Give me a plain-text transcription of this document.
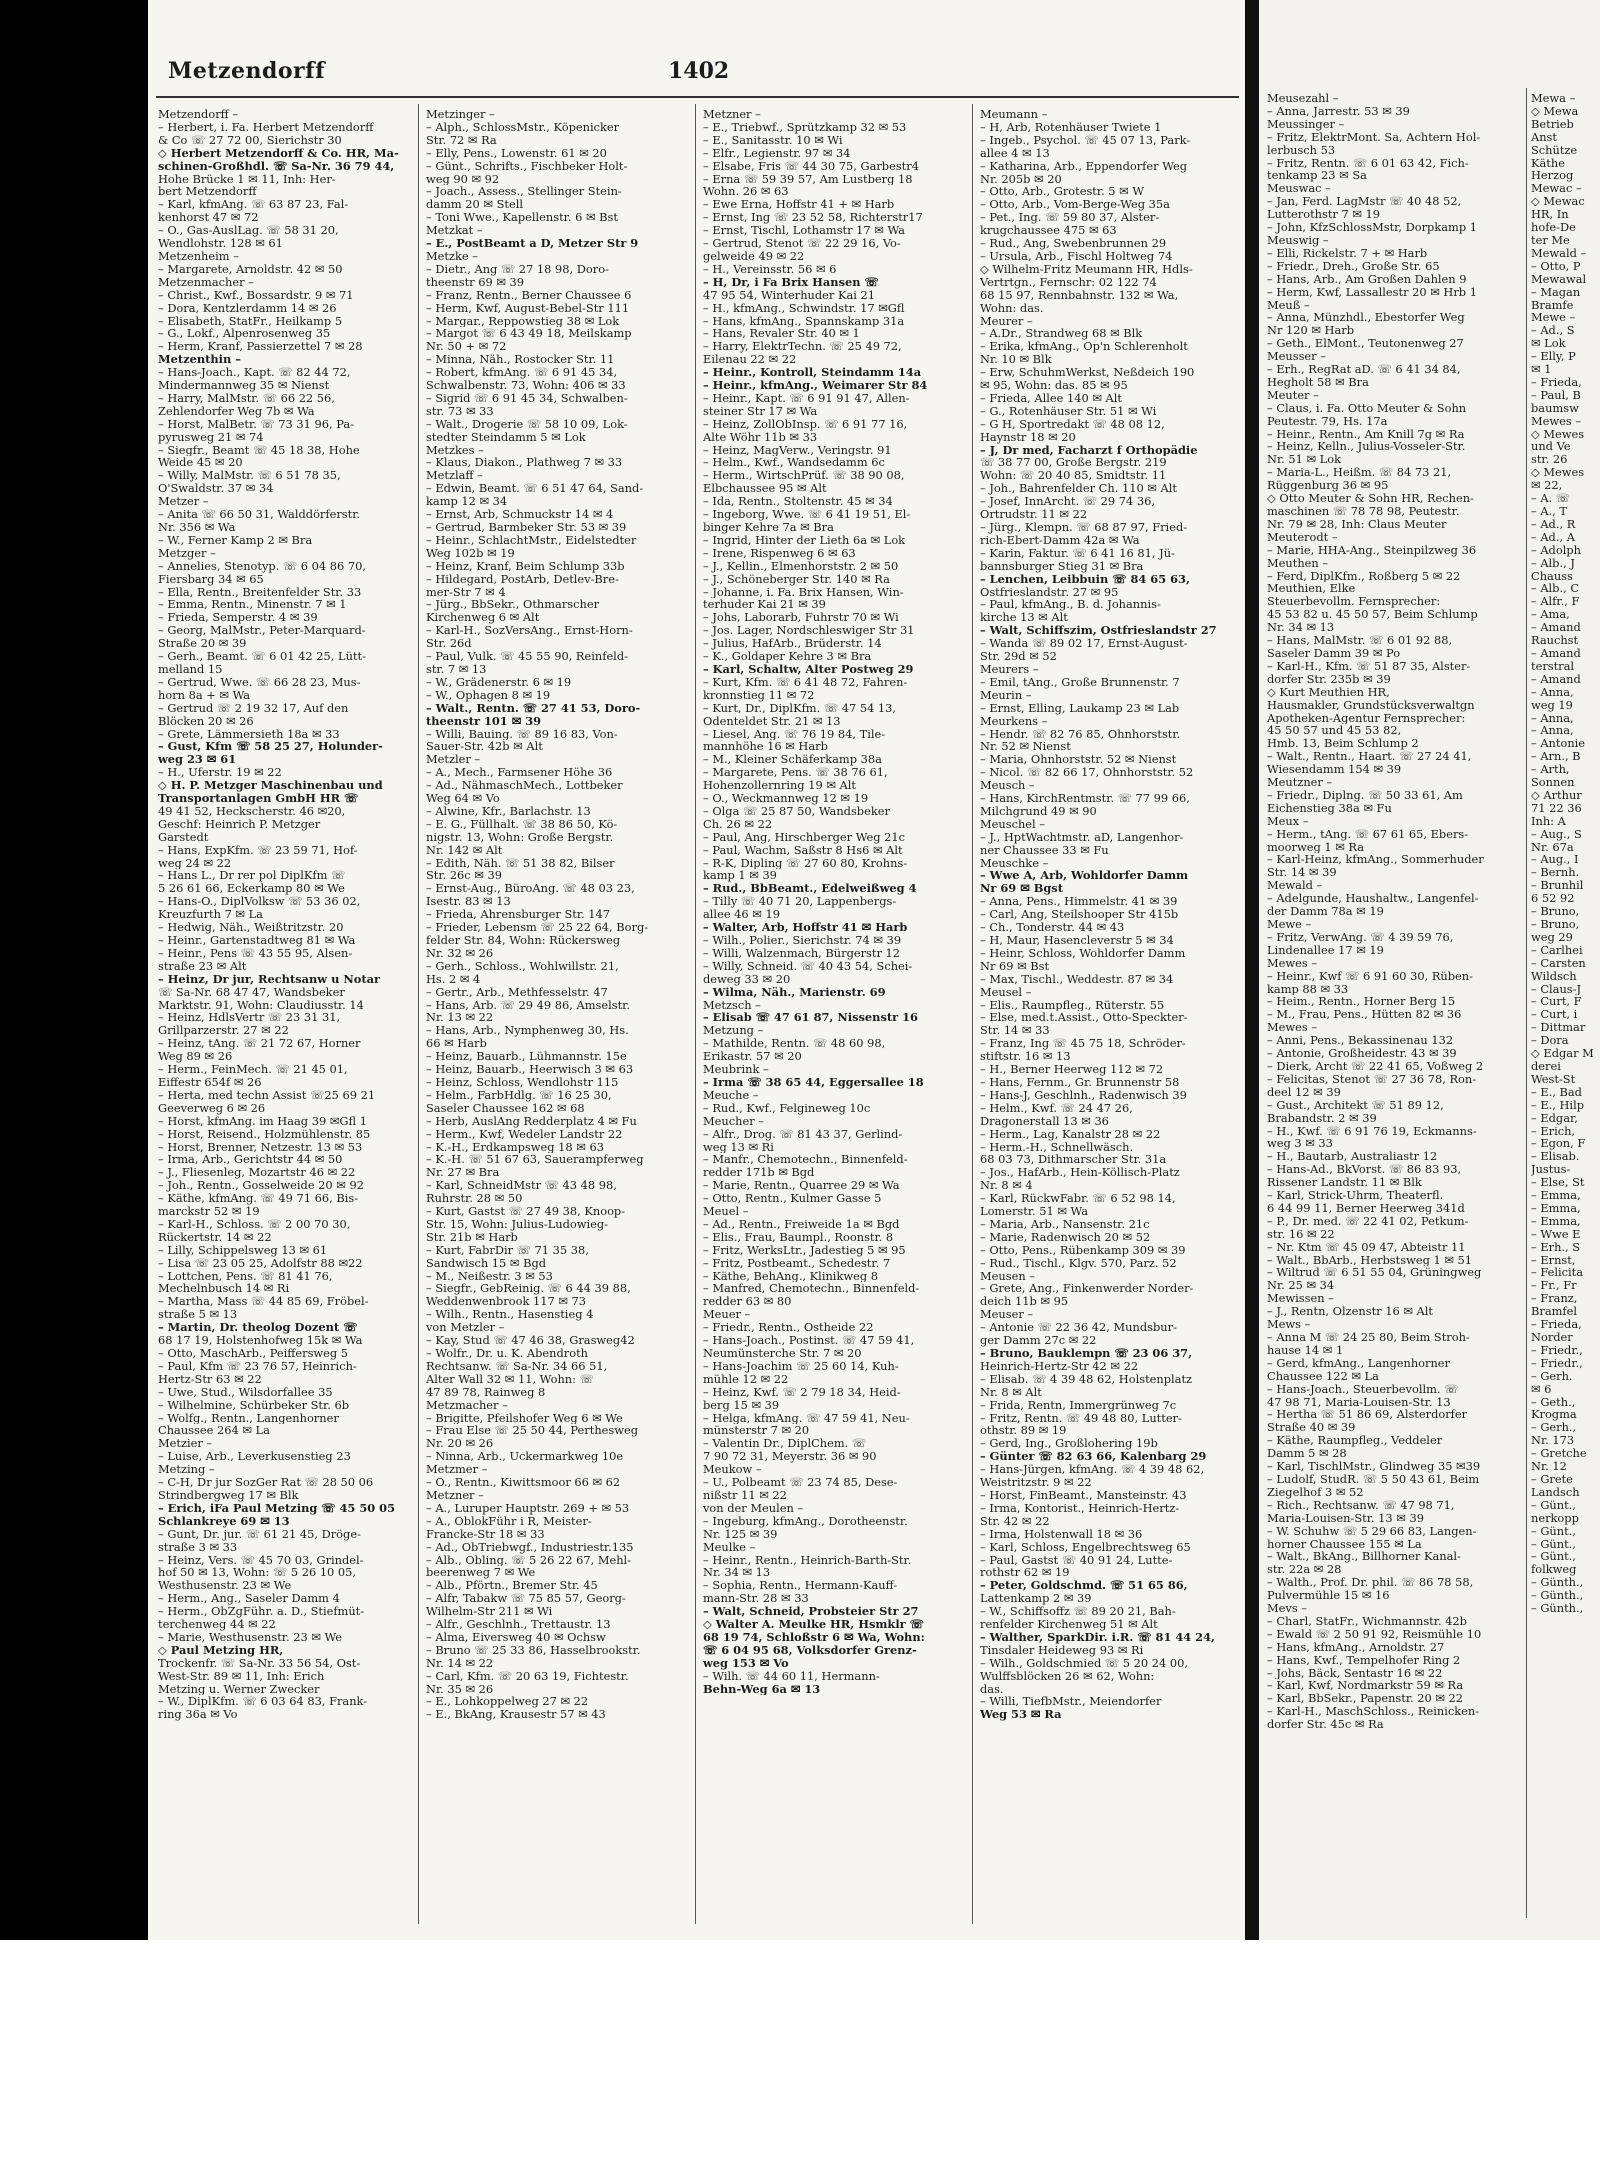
Metzendorff	1402
Metzendorff –
– Herbert, i. Fa. Herbert Metzendorff
& Co ☏ 27 72 00, Sierichstr 30
◇ Herbert Metzendorff & Co. HR, Ma-
schinen-Großhdl. ☏ Sa-Nr. 36 79 44,
Hohe Brücke 1 ✉ 11, Inh: Her-
bert Metzendorff
– Karl, kfmAng. ☏ 63 87 23, Fal-
kenhorst 47 ✉ 72
– O., Gas-AuslLag. ☏ 58 31 20,
Wendlohstr. 128 ✉ 61
Metzenheim –
– Margarete, Arnoldstr. 42 ✉ 50
Metzenmacher –
– Christ., Kwf., Bossardstr. 9 ✉ 71
– Dora, Kentzlerdamm 14 ✉ 26
– Elisabeth, StatFr., Heilkamp 5
– G., Lokf., Alpenrosenweg 35
– Herm, Kranf, Passierzettel 7 ✉ 28
Metzenthin –
– Hans-Joach., Kapt. ☏ 82 44 72,
Mindermannweg 35 ✉ Nienst
– Harry, MalMstr. ☏ 66 22 56,
Zehlendorfer Weg 7b ✉ Wa
– Horst, MalBetr. ☏ 73 31 96, Pa-
pyrusweg 21 ✉ 74
– Siegfr., Beamt ☏ 45 18 38, Hohe
Weide 45 ✉ 20
– Willy, MalMstr. ☏ 6 51 78 35,
O'Swaldstr. 37 ✉ 34
Metzer –
– Anita ☏ 66 50 31, Walddörferstr.
Nr. 356 ✉ Wa
– W., Ferner Kamp 2 ✉ Bra
Metzger –
– Annelies, Stenotyp. ☏ 6 04 86 70,
Fiersbarg 34 ✉ 65
– Ella, Rentn., Breitenfelder Str. 33
– Emma, Rentn., Minenstr. 7 ✉ 1
– Frieda, Semperstr. 4 ✉ 39
– Georg, MalMstr., Peter-Marquard-
Straße 20 ✉ 39
– Gerh., Beamt. ☏ 6 01 42 25, Lütt-
melland 15
– Gertrud, Wwe. ☏ 66 28 23, Mus-
horn 8a + ✉ Wa
– Gertrud ☏ 2 19 32 17, Auf den
Blöcken 20 ✉ 26
– Grete, Lämmersieth 18a ✉ 33
– Gust, Kfm ☏ 58 25 27, Holunder-
weg 23 ✉ 61
– H., Uferstr. 19 ✉ 22
◇ H. P. Metzger Maschinenbau und
Transportanlagen GmbH HR ☏
49 41 52, Heckscherstr. 46 ✉20,
Geschf: Heinrich P. Metzger
Garstedt
– Hans, ExpKfm. ☏ 23 59 71, Hof-
weg 24 ✉ 22
– Hans L., Dr rer pol DiplKfm ☏
5 26 61 66, Eckerkamp 80 ✉ We
– Hans-O., DiplVolksw ☏ 53 36 02,
Kreuzfurth 7 ✉ La
– Hedwig, Näh., Weißtritzstr. 20
– Heinr., Gartenstadtweg 81 ✉ Wa
– Heinr., Pens ☏ 43 55 95, Alsen-
straße 23 ✉ Alt
– Heinz, Dr jur, Rechtsanw u Notar
☏ Sa-Nr. 68 47 47, Wandsbeker
Marktstr. 91, Wohn: Claudiusstr. 14
– Heinz, HdlsVertr ☏ 23 31 31,
Grillparzerstr. 27 ✉ 22
– Heinz, tAng. ☏ 21 72 67, Horner
Weg 89 ✉ 26
– Herm., FeinMech. ☏ 21 45 01,
Eiffestr 654f ✉ 26
– Herta, med techn Assist ☏25 69 21
Geeverweg 6 ✉ 26
– Horst, kfmAng. im Haag 39 ✉Gfl 1
– Horst, Reisend., Holzmühlenstr. 85
– Horst, Brenner, Netzestr. 13 ✉ 53
– Irma, Arb., Gerichtstr 44 ✉ 50
– J., Fliesenleg, Mozartstr 46 ✉ 22
– Joh., Rentn., Gosselweide 20 ✉ 92
– Käthe, kfmAng. ☏ 49 71 66, Bis-
marckstr 52 ✉ 19
– Karl-H., Schloss. ☏ 2 00 70 30,
Rückertstr. 14 ✉ 22
– Lilly, Schippelsweg 13 ✉ 61
– Lisa ☏ 23 05 25, Adolfstr 88 ✉22
– Lottchen, Pens. ☏ 81 41 76,
Mechelnbusch 14 ✉ Ri
– Martha, Mass ☏ 44 85 69, Fröbel-
straße 5 ✉ 13
– Martin, Dr. theolog Dozent ☏
68 17 19, Holstenhofweg 15k ✉ Wa
– Otto, MaschArb., Peifferswe​g 5
– Paul, Kfm ☏ 23 76 57, Heinrich-
Hertz-Str 63 ✉ 22
– Uwe, Stud., Wilsdorfallee 35
– Wilhelmine, Schürbeker Str. 6b
– Wolfg., Rentn., Langenhorner
Chaussee 264 ✉ La
Metzier –
– Luise, Arb., Leverkusenstieg 23
Metzing –
– C-H, Dr jur SozGer Rat ☏ 28 50 06
Strindbergweg 17 ✉ Blk
– Erich, iFa Paul Metzing ☏ 45 50 05
Schlankreye 69 ✉ 13
– Gunt, Dr. jur. ☏ 61 21 45, Dröge-
straße 3 ✉ 33
– Heinz, Vers. ☏ 45 70 03, Grindel-
hof 50 ✉ 13, Wohn: ☏ 5 26 10 05,
Westhusenstr. 23 ✉ We
– Herm., Ang., Saseler Damm 4
– Herm., ObZgFühr. a. D., Stiefmüt-
terchenweg 44 ✉ 22
– Marie, Westhusenstr. 23 ✉ We
◇ Paul Metzing HR,
Trockenfr. ☏ Sa-Nr. 33 56 54, Ost-
West-Str. 89 ✉ 11, Inh: Erich
Metzing u. Werner Zwecker
– W., DiplKfm. ☏ 6 03 64 83, Frank-
ring 36a ✉ Vo
Metzinger –
– Alph., SchlossMstr., Köpenicker
Str. 72 ✉ Ra
– Elly, Pens., Lowenstr. 61 ✉ 20
– Günt., Schrifts., Fischbeker Holt-
weg 90 ✉ 92
– Joach., Assess., Stellinger Stein-
damm 20 ✉ Stell
– Toni Wwe., Kapellenstr. 6 ✉ Bst
Metzkat –
– E., PostBeamt a D, Metzer Str 9
Metzke –
– Dietr., Ang ☏ 27 18 98, Doro-
theenstr 69 ✉ 39
– Franz, Rentn., Berner Chaussee 6
– Herm, Kwf, August-Bebel-Str 111
– Margar., Reppowstieg 38 ✉ Lok
– Margot ☏ 6 43 49 18, Meilskamp
Nr. 50 + ✉ 72
– Minna, Näh., Rostocker Str. 11
– Robert, kfmAng. ☏ 6 91 45 34,
Schwalbenstr. 73, Wohn: 406 ✉ 33
– Sigrid ☏ 6 91 45 34, Schwalben-
str. 73 ✉ 33
– Walt., Drogerie ☏ 58 10 09, Lok-
stedter Steindamm 5 ✉ Lok
Metzkes –
– Klaus, Diakon., Plathweg 7 ✉ 33
Metzlaff –
– Edwin, Beamt. ☏ 6 51 47 64, Sand-
kamp 12 ✉ 34
– Ernst, Arb, Schmuckstr 14 ✉ 4
– Gertrud, Barmbeker Str. 53 ✉ 39
– Heinr., SchlachtMstr., Eidelstedter
Weg 102b ✉ 19
– Heinz, Kranf, Beim Schlump 33b
– Hildegard, PostArb, Detlev-Bre-
mer-Str 7 ✉ 4
– Jürg., BbSekr., Othmarscher
Kirchenweg 6 ✉ Alt
– Karl-H., SozVersAng., Ernst-Horn-
Str. 26d
– Paul, Vulk. ☏ 45 55 90, Reinfeld-
str. 7 ✉ 13
– W., Grädenerstr. 6 ✉ 19
– W., Ophagen 8 ✉ 19
– Walt., Rentn. ☏ 27 41 53, Doro-
theenstr 101 ✉ 39
– Willi, Bauing. ☏ 89 16 83, Von-
Sauer-Str. 42b ✉ Alt
Metzler –
– A., Mech., Farmsener Höhe 36
– Ad., NähmaschMech., Lottbeker
Weg 64 ✉ Vo
– Alwine, Kfr., Barlachstr. 13
– E. G., Füllhalt. ☏ 38 86 50, Kö-
nigstr. 13, Wohn: Große Bergstr.
Nr. 142 ✉ Alt
– Edith, Näh. ☏ 51 38 82, Bilser
Str. 26c ✉ 39
– Ernst-Aug., BüroAng. ☏ 48 03 23,
Isestr. 83 ✉ 13
– Frieda, Ahrensburger Str. 147
– Frieder, Lebensm ☏ 25 22 64, Borg-
felder Str. 84, Wohn: Rückersweg
Nr. 32 ✉ 26
– Gerh., Schloss., Wohlwillstr. 21,
Hs. 2 ✉ 4
– Gertr., Arb., Methfesselstr. 47
– Hans, Arb. ☏ 29 49 86, Amselstr.
Nr. 13 ✉ 22
– Hans, Arb., Nymphenweg 30, Hs.
66 ✉ Harb
– Heinz, Bauarb., Lühmannstr. 15e
– Heinz, Bauarb., Heerwisch 3 ✉ 63
– Heinz, Schloss, Wendlohstr 115
– Helm., FarbHdlg. ☏ 16 25 30,
Saseler Chaussee 162 ✉ 68
– Herb, AuslAng Redderplatz 4 ✉ Fu
– Herm., Kwf, Wedeler Landstr 22
– K.-H., Erdkampsweg 18 ✉ 63
– K.-H. ☏ 51 67 63, Sauerampferweg
Nr. 27 ✉ Bra
– Karl, SchneidMstr ☏ 43 48 98,
Ruhrstr. 28 ✉ 50
– Kurt, Gastst ☏ 27 49 38, Knoop-
Str. 15, Wohn: Julius-Ludowieg-
Str. 21b ✉ Harb
– Kurt, FabrDir ☏ 71 35 38,
Sandwisch 15 ✉ Bgd
– M., Neißestr. 3 ✉ 53
– Siegfr., GebReinig. ☏ 6 44 39 88,
Weddenwenbrook 117 ✉ 73
– Wilh., Rentn., Hasenstieg 4
von Metzler –
– Kay, Stud ☏ 47 46 38, Grasweg42
– Wolfr., Dr. u. K. Abendroth
Rechtsanw. ☏ Sa-Nr. 34 66 51,
Alter Wall 32 ✉ 11, Wohn: ☏
47 89 78, Rainweg 8
Metzmacher –
– Brigitte, Pfeilshofer Weg 6 ✉ We
– Frau Else ☏ 25 50 44, Perthesweg
Nr. 20 ✉ 26
– Ninna, Arb., Uckermarkweg 10e
Metzmer –
– O., Rentn., Kiwittsmoor 66 ✉ 62
Metzner –
– A., Luruper Hauptstr. 269 + ✉ 53
– A., OblokFühr i R, Meister-
Francke-Str 18 ✉ 33
– Ad., ObTriebwgf., Industriestr.135
– Alb., Obling. ☏ 5 26 22 67, Mehl-
beerenweg 7 ✉ We
– Alb., Pförtn., Bremer Str. 45
– Alfr, Tabakw ☏ 75 85 57, Georg-
Wilhelm-Str 211 ✉ Wi
– Alfr., Geschlnh., Trettaustr. 13
– Alma, Eiversweg 40 ✉ Ochsw
– Bruno ☏ 25 33 86, Hasselbrookstr.
Nr. 14 ✉ 22
– Carl, Kfm. ☏ 20 63 19, Fichtestr.
Nr. 35 ✉ 26
– E., Lohkoppelweg 27 ✉ 22
– E., BkAng, Krausestr 57 ✉ 43
Metzner –
– E., Triebwf., Sprützkamp 32 ✉ 53
– E., Sanitasstr. 10 ✉ Wi
– Elfr., Legienstr. 97 ✉ 34
– Elsabe, Fris ☏ 44 30 75, Garbestr4
– Erna ☏ 59 39 57, Am Lustberg 18
Wohn. 26 ✉ 63
– Ewe Erna, Hoffstr 41 + ✉ Harb
– Ernst, Ing ☏ 23 52 58, Richterstr17
– Ernst, Tischl, Lothamstr 17 ✉ Wa
– Gertrud, Stenot ☏ 22 29 16, Vo-
gelweide 49 ✉ 22
– H., Vereinsstr. 56 ✉ 6
– H, Dr, i Fa Brix Hansen ☏
47 95 54, Winterhuder Kai 21
– H., kfmAng., Schwindstr. 17 ✉Gfl
– Hans, kfmAng., Spannskamp 31a
– Hans, Revaler Str. 40 ✉ 1
– Harry, ElektrTechn. ☏ 25 49 72,
Eilenau 22 ✉ 22
– Heinr., Kontroll, Steindamm 14a
– Heinr., kfmAng., Weimarer Str 84
– Heinr., Kapt. ☏ 6 91 91 47, Allen-
steiner Str 17 ✉ Wa
– Heinz, ZollObInsp. ☏ 6 91 77 16,
Alte Wöhr 11b ✉ 33
– Heinz, MagVerw., Veringstr. 91
– Helm., Kwf., Wandsedamm 6c
– Herm., WirtschPrüf. ☏ 38 90 08,
Elbchaussee 95 ✉ Alt
– Ida, Rentn., Stoltenstr. 45 ✉ 34
– Ingeborg, Wwe. ☏ 6 41 19 51, El-
binger Kehre 7a ✉ Bra
– Ingrid, Hinter der Lieth 6a ✉ Lok
– Irene, Rispenweg 6 ✉ 63
– J., Kellin., Elmenhorststr. 2 ✉ 50
– J., Schöneberger Str. 140 ✉ Ra
– Johanne, i. Fa. Brix Hansen, Win-
terhuder Kai 21 ✉ 39
– Johs, Laborarb, Fuhrstr 70 ✉ Wi
– Jos. Lager, Nordschleswiger Str 31
– Julius, HafArb., Brüderstr. 14
– K., Goldaper Kehre 3 ✉ Bra
– Karl, Schaltw, Alter Postweg 29
– Kurt, Kfm. ☏ 6 41 48 72, Fahren-
kronnstieg 11 ✉ 72
– Kurt, Dr., DiplKfm. ☏ 47 54 13,
Odenteldet Str. 21 ✉ 13
– Liesel, Ang. ☏ 76 19 84, Tile-
mannhöhe 16 ✉ Harb
– M., Kleiner Schäferkamp 38a
– Margarete, Pens. ☏ 38 76 61,
Hohenzollernring 19 ✉ Alt
– O., Weckmannweg 12 ✉ 19
– Olga ☏ 25 87 50, Wandsbeker
Ch. 26 ✉ 22
– Paul, Ang, Hirschberger Weg 21c
– Paul, Wachm, Saßstr 8 Hs6 ✉ Alt
– R-K, Dipling ☏ 27 60 80, Krohns-
kamp 1 ✉ 39
– Rud., BbBeamt., Edelweißweg 4
– Tilly ☏ 40 71 20, Lappenbergs-
allee 46 ✉ 19
– Walter, Arb, Hoffstr 41 ✉ Harb
– Wilh., Polier., Sierichstr. 74 ✉ 39
– Willi, Walzenmach, Bürgerstr 12
– Willy, Schneid. ☏ 40 43 54, Schei-
deweg 33 ✉ 20
– Wilma, Näh., Marienstr. 69
Metzsch –
– Elisab ☏ 47 61 87, Nissenstr 16
Metzung –
– Mathilde, Rentn. ☏ 48 60 98,
Erikastr. 57 ✉ 20
Meubrink –
– Irma ☏ 38 65 44, Eggersallee 18
Meuche –
– Rud., Kwf., Felgineweg 10c
Meucher –
– Alfr., Drog. ☏ 81 43 37, Gerlind-
weg 13 ✉ Ri
– Manfr., Chemotechn., Binnenfeld-
redder 171b ✉ Bgd
– Marie, Rentn., Quarree 29 ✉ Wa
– Otto, Rentn., Kulmer Gasse 5
Meuel –
– Ad., Rentn., Freiweide 1a ✉ Bgd
– Elis., Frau, Baumpl., Roonstr. 8
– Fritz, WerksLtr., Jadestieg 5 ✉ 95
– Fritz, Postbeamt., Schedestr. 7
– Käthe, BehAng., Klinikweg 8
– Manfred, Chemotechn., Binnenfeld-
redder 63 ✉ 80
Meuer –
– Friedr., Rentn., Ostheide 22
– Hans-Joach., Postinst. ☏ 47 59 41,
Neumünsterche Str. 7 ✉ 20
– Hans-Joachim ☏ 25 60 14, Kuh-
mühle 12 ✉ 22
– Heinz, Kwf. ☏ 2 79 18 34, Heid-
berg 15 ✉ 39
– Helga, kfmAng. ☏ 47 59 41, Neu-
münsterstr 7 ✉ 20
– Valentin Dr., DiplChem. ☏
7 90 72 31, Meyerstr. 36 ✉ 90
Meukow –
– U., Polbeamt ☏ 23 74 85, Dese-
nißstr 11 ✉ 22
von der Meulen –
– Ingeburg, kfmAng., Dorotheenstr.
Nr. 125 ✉ 39
Meulke –
– Heinr., Rentn., Heinrich-Barth-Str.
Nr. 34 ✉ 13
– Sophia, Rentn., Hermann-Kauff-
mann-Str. 28 ✉ 33
– Walt, Schneid, Probsteier Str 27
◇ Walter A. Meulke HR, Hsmklr ☏
68 19 74, Schloßstr 6 ✉ Wa, Wohn:
☏ 6 04 95 68, Volksdorfer Grenz-
weg 153 ✉ Vo
– Wilh. ☏ 44 60 11, Hermann-
Behn-Weg 6a ✉ 13
Meumann –
– H, Arb, Rotenhäuser Twiete 1
– Ingeb., Psychol. ☏ 45 07 13, Park-
allee 4 ✉ 13
– Katharina, Arb., Eppendorfer Weg
Nr. 205b ✉ 20
– Otto, Arb., Grotestr. 5 ✉ W
– Otto, Arb., Vom-Berge-Weg 35a
– Pet., Ing. ☏ 59 80 37, Alster-
krugchaussee 475 ✉ 63
– Rud., Ang, Swebenbrunnen 29
– Ursula, Arb., Fischl Holtweg 74
◇ Wilhelm-Fritz Meumann HR, Hdls-
Vertrtgn., Fernschr: 02 122 74
68 15 97, Rennbahnstr. 132 ✉ Wa,
Wohn: das.
Meurer –
– A.Dr., Strandweg 68 ✉ Blk
– Erika, kfmAng., Op'n Schlerenholt
Nr. 10 ✉ Blk
– Erw, SchuhmWerkst, Neßdeich 190
✉ 95, Wohn: das. 85 ✉ 95
– Frieda, Allee 140 ✉ Alt
– G., Rotenhäuser Str. 51 ✉ Wi
– G H, Sportredakt ☏ 48 08 12,
Haynstr 18 ✉ 20
– J, Dr med, Facharzt f Orthopädie
☏ 38 77 00, Große Bergstr. 219
Wohn: ☏ 20 40 85, Smidtstr. 11
– Joh., Bahrenfelder Ch. 110 ✉ Alt
– Josef, InnArcht. ☏ 29 74 36,
Ortrudstr. 11 ✉ 22
– Jürg., Klempn. ☏ 68 87 97, Fried-
rich-Ebert-Damm 42a ✉ Wa
– Karin, Faktur. ☏ 6 41 16 81, Jü-
bannsburger Stieg 31 ✉ Bra
– Lenchen, Leibbuin ☏ 84 65 63,
Ostfrieslandstr. 27 ✉ 95
– Paul, kfmAng., B. d. Johannis-
kirche 13 ✉ Alt
– Walt, Schiffszim, Ostfrieslandstr 27
– Wanda ☏ 89 02 17, Ernst-August-
Str. 29d ✉ 52
Meurers –
– Emil, tAng., Große Brunnenstr. 7
Meurin –
– Ernst, Elling, Laukamp 23 ✉ Lab
Meurkens –
– Hendr. ☏ 82 76 85, Ohnhorststr.
Nr. 52 ✉ Nienst
– Maria, Ohnhorststr. 52 ✉ Nienst
– Nicol. ☏ 82 66 17, Ohnhorststr. 52
Meusch –
– Hans, KirchRentmstr. ☏ 77 99 66,
Milchgrund 49 ✉ 90
Meuschel –
– J., HptWachtmstr. aD, Langenhor-
ner Chaussee 33 ✉ Fu
Meuschke –
– Wwe A, Arb, Wohldorfer Damm
Nr 69 ✉ Bgst
– Anna, Pens., Himmelstr. 41 ✉ 39
– Carl, Ang, Steilshooper Str 415b
– Ch., Tonderstr. 44 ✉ 43
– H, Maur, Hasencleverstr 5 ✉ 34
– Heinr, Schloss, Wohldorfer Damm
Nr 69 ✉ Bst
– Max, Tischl., Weddestr. 87 ✉ 34
Meusel –
– Elis., Raumpfleg., Rüterstr. 55
– Else, med.t.Assist., Otto-Speckter-
Str. 14 ✉ 33
– Franz, Ing ☏ 45 75 18, Schröder-
stiftstr. 16 ✉ 13
– H., Berner Heerweg 112 ✉ 72
– Hans, Fernm., Gr. Brunnenstr 58
– Hans-J, Geschlnh., Radenwisch 39
– Helm., Kwf. ☏ 24 47 26,
Dragonerstall 13 ✉ 36
– Herm., Lag, Kanalstr 28 ✉ 22
– Herm.-H., Schnellwäsch.
68 03 73, Dithmarscher Str. 31a
– Jos., HafArb., Hein-Köllisch-Platz
Nr. 8 ✉ 4
– Karl, RückwFabr. ☏ 6 52 98 14,
Lomerstr. 51 ✉ Wa
– Maria, Arb., Nansenstr. 21c
– Marie, Radenwisch 20 ✉ 52
– Otto, Pens., Rübenkamp 309 ✉ 39
– Rud., Tischl., Klgv. 570, Parz. 52
Meusen –
– Grete, Ang., Finkenwerder Norder-
deich 11b ✉ 95
Meuser –
– Antonie ☏ 22 36 42, Mundsbur-
ger Damm 27c ✉ 22
– Bruno, Bauklempn ☏ 23 06 37,
Heinrich-Hertz-Str 42 ✉ 22
– Elisab. ☏ 4 39 48 62, Holstenplatz
Nr. 8 ✉ Alt
– Frida, Rentn, Immergrünweg 7c
– Fritz, Rentn. ☏ 49 48 80, Lutter-
othstr. 89 ✉ 19
– Gerd, Ing., Großlohering 19b
– Günter ☏ 82 63 66, Kalenbarg 29
– Hans-Jürgen, kfmAng. ☏ 4 39 48 62,
Weistritzstr. 9 ✉ 22
– Horst, FinBeamt., Mansteinstr. 43
– Irma, Kontorist., Heinrich-Hertz-
Str. 42 ✉ 22
– Irma, Holstenwall 18 ✉ 36
– Karl, Schloss, Engelbrechtsweg 65
– Paul, Gastst ☏ 40 91 24, Lutte-
rothstr 62 ✉ 19
– Peter, Goldschmd. ☏ 51 65 86,
Lattenkamp 2 ✉ 39
– W., Schiffsoffz ☏ 89 20 21, Bah-
renfelder Kirchenweg 51 ✉ Alt
– Walther, SparkDir. i.R. ☏ 81 44 24,
Tinsdaler Heideweg 93 ✉ Ri
– Wilh., Goldschmied ☏ 5 20 24 00,
Wulffsblöcken 26 ✉ 62, Wohn:
das.
– Willi, TiefbMstr., Meiendorfer
Weg 53 ✉ Ra
Meusezahl –
– Anna, Jarrestr. 53 ✉ 39
Meussinger –
– Fritz, ElektrMont. Sa, Achtern Hol-
lerbusch 53
– Fritz, Rentn. ☏ 6 01 63 42, Fich-
tenkamp 23 ✉ Sa
Meuswac –
– Jan, Ferd. LagMstr ☏ 40 48 52,
Lutterothstr 7 ✉ 19
– John, KfzSchlossMstr, Dorpkamp 1
Meuswig –
– Elli, Rickelstr. 7 + ✉ Harb
– Friedr., Dreh., Große Str. 65
– Hans, Arb., Am Großen Dahlen 9
– Herm, Kwf, Lassallestr 20 ✉ Hrb 1
Meuß –
– Anna, Münzhdl., Ebestorfer Weg
Nr 120 ✉ Harb
– Geth., ElMont., Teutonenweg 27
Meusser –
– Erh., RegRat aD. ☏ 6 41 34 84,
Hegholt 58 ✉ Bra
Meuter –
– Claus, i. Fa. Otto Meuter & Sohn
Peutestr. 79, Hs. 17a
– Heinr., Rentn., Am Knill 7g ✉ Ra
– Heinz, Kelln., Julius-Vosseler-Str.
Nr. 51 ✉ Lok
– Maria-L., Heißm. ☏ 84 73 21,
Rüggenburg 36 ✉ 95
◇ Otto Meuter & Sohn HR, Rechen-
maschinen ☏ 78 78 98, Peutestr.
Nr. 79 ✉ 28, Inh: Claus Meuter
Meuterodt –
– Marie, HHA-Ang., Steinpilzweg 36
Meuthen –
– Ferd, DiplKfm., Roßberg 5 ✉ 22
Meuthien, Elke
Steuerbevollm. Fernsprecher:
45 53 82 u. 45 50 57, Beim Schlump
Nr. 34 ✉ 13
– Hans, MalMstr. ☏ 6 01 92 88,
Saseler Damm 39 ✉ Po
– Karl-H., Kfm. ☏ 51 87 35, Alster-
dorfer Str. 235b ✉ 39
◇ Kurt Meuthien HR,
Hausmakler, Grundstücksverwaltgn
Apotheken-Agentur Fernsprecher:
45 50 57 und 45 53 82,
Hmb. 13, Beim Schlump 2
– Walt., Rentn., Haart. ☏ 27 24 41,
Wiesendamm 154 ✉ 39
Meutzner –
– Friedr., Diplng. ☏ 50 33 61, Am
Eichenstieg 38a ✉ Fu
Meux –
– Herm., tAng. ☏ 67 61 65, Ebers-
moorweg 1 ✉ Ra
– Karl-Heinz, kfmAng., Sommerhuder
Str. 14 ✉ 39
Mewald –
– Adelgunde, Haushaltw., Langenfel-
der Damm 78a ✉ 19
Mewe –
– Fritz, VerwAng. ☏ 4 39 59 76,
Lindenallee 17 ✉ 19
Mewes –
– Heinr., Kwf ☏ 6 91 60 30, Rüben-
kamp 88 ✉ 33
– Heim., Rentn., Horner Berg 15
– M., Frau, Pens., Hütten 82 ✉ 36
Mewes –
– Anni, Pens., Bekassinenau 132
– Antonie, Großheidestr. 43 ✉ 39
– Dierk, Archt ☏ 22 41 65, Voßweg 2
– Felicitas, Stenot ☏ 27 36 78, Ron-
deel 12 ✉ 39
– Gust., Architekt ☏ 51 89 12,
Brabandstr. 2 ✉ 39
– H., Kwf. ☏ 6 91 76 19, Eckmanns-
weg 3 ✉ 33
– H., Bautarb, Australiastr 12
– Hans-Ad., BkVorst. ☏ 86 83 93,
Rissener Landstr. 11 ✉ Blk
– Karl, Strick-Uhrm, Theaterfl.
6 44 99 11, Berner Heerweg 341d
– P., Dr. med. ☏ 22 41 02, Petkum-
str. 16 ✉ 22
– Nr. Ktm ☏ 45 09 47, Abteistr 11
– Walt., BbArb., Herbstsweg 1 ✉ 51
– Wiltrud ☏ 6 51 55 04, Grüningweg
Nr. 25 ✉ 34
Mewissen –
– J., Rentn, Olzenstr 16 ✉ Alt
Mews –
– Anna M ☏ 24 25 80, Beim Stroh-
hause 14 ✉ 1
– Gerd, kfmAng., Langenhorner
Chaussee 122 ✉ La
– Hans-Joach., Steuerbevollm. ☏
47 98 71, Maria-Louisen-Str. 13
– Hertha ☏ 51 86 69, Alsterdorfer
Straße 40 ✉ 39
– Käthe, Raumpfleg., Veddeler
Damm 5 ✉ 28
– Karl, TischlMstr., Glindweg 35 ✉39
– Ludolf, StudR. ☏ 5 50 43 61, Beim
Ziegelhof 3 ✉ 52
– Rich., Rechtsanw. ☏ 47 98 71,
Maria-Louisen-Str. 13 ✉ 39
– W. Schuhw ☏ 5 29 66 83, Langen-
horner Chaussee 155 ✉ La
– Walt., BkAng., Billhorner Kanal-
str. 22a ✉ 28
– Walth., Prof. Dr. phil. ☏ 86 78 58,
Pulvermühle 15 ✉ 16
Mevs –
– Charl, StatFr., Wichmannstr. 42b
– Ewald ☏ 2 50 91 92, Reismühle 10
– Hans, kfmAng., Arnoldstr. 27
– Hans, Kwf., Tempelhofer Ring 2
– Johs, Bäck, Sentastr 16 ✉ 22
– Karl, Kwf, Nordmarkstr 59 ✉ Ra
– Karl, BbSekr., Papenstr. 20 ✉ 22
– Karl-H., MaschSchloss., Reinicken-
dorfer Str. 45c ✉ Ra
Mewa –
◇ Mewa
Betrieb
Anst
Schütze
Käthe
Herzog
Mewac –
◇ Mewac
HR, In
hofe-De
ter Me
Mewald –
– Otto, P
Mewawal
– Magan
Bramfe
Mewe –
– Ad., S
✉ Lok
– Elly, P
✉ 1
– Frieda,
– Paul, B
baumsw
Mewes –
◇ Mewes
und Ve
str. 26
◇ Mewes
✉ 22,
– A. ☏
– A., T
– Ad., R
– Ad., A
– Adolph
– Alb., J
Chauss
– Alb., C
– Alfr., F
– Ama,
– Amand
Rauchst
– Amand
terstral
– Amand
– Anna,
weg 19
– Anna,
– Anna,
– Antonie
– Arn., B
– Arth,
Sonnen
◇ Arthur
71 22 36
Inh: A
– Aug., S
Nr. 67a
– Aug., I
– Bernh.
– Brunhil
6 52 92
– Bruno,
– Bruno,
weg 29
– Carlhei
– Carsten
Wildsch
– Claus-J
– Curt, F
– Curt, i
– Dittmar
– Dora
◇ Edgar M
derei
West-St
– E., Bad
– E., Hilp
– Edgar,
– Erich,
– Egon, F
– Elisab.
Justus-
– Else, St
– Emma,
– Emma,
– Emma,
– Wwe E
– Erh., S
– Ernst,
– Felicita
– Fr., Fr
– Franz,
Bramfel
– Frieda,
Norder
– Friedr.,
– Friedr.,
– Gerh.
✉ 6
– Geth.,
Krogma
– Gerh.,
Nr. 173
– Gretche
Nr. 12
– Grete
Landsch
– Günt.,
nerkopp
– Günt.,
– Günt.,
– Günt.,
folkweg
– Günth.,
– Günth.,
– Günth.,
